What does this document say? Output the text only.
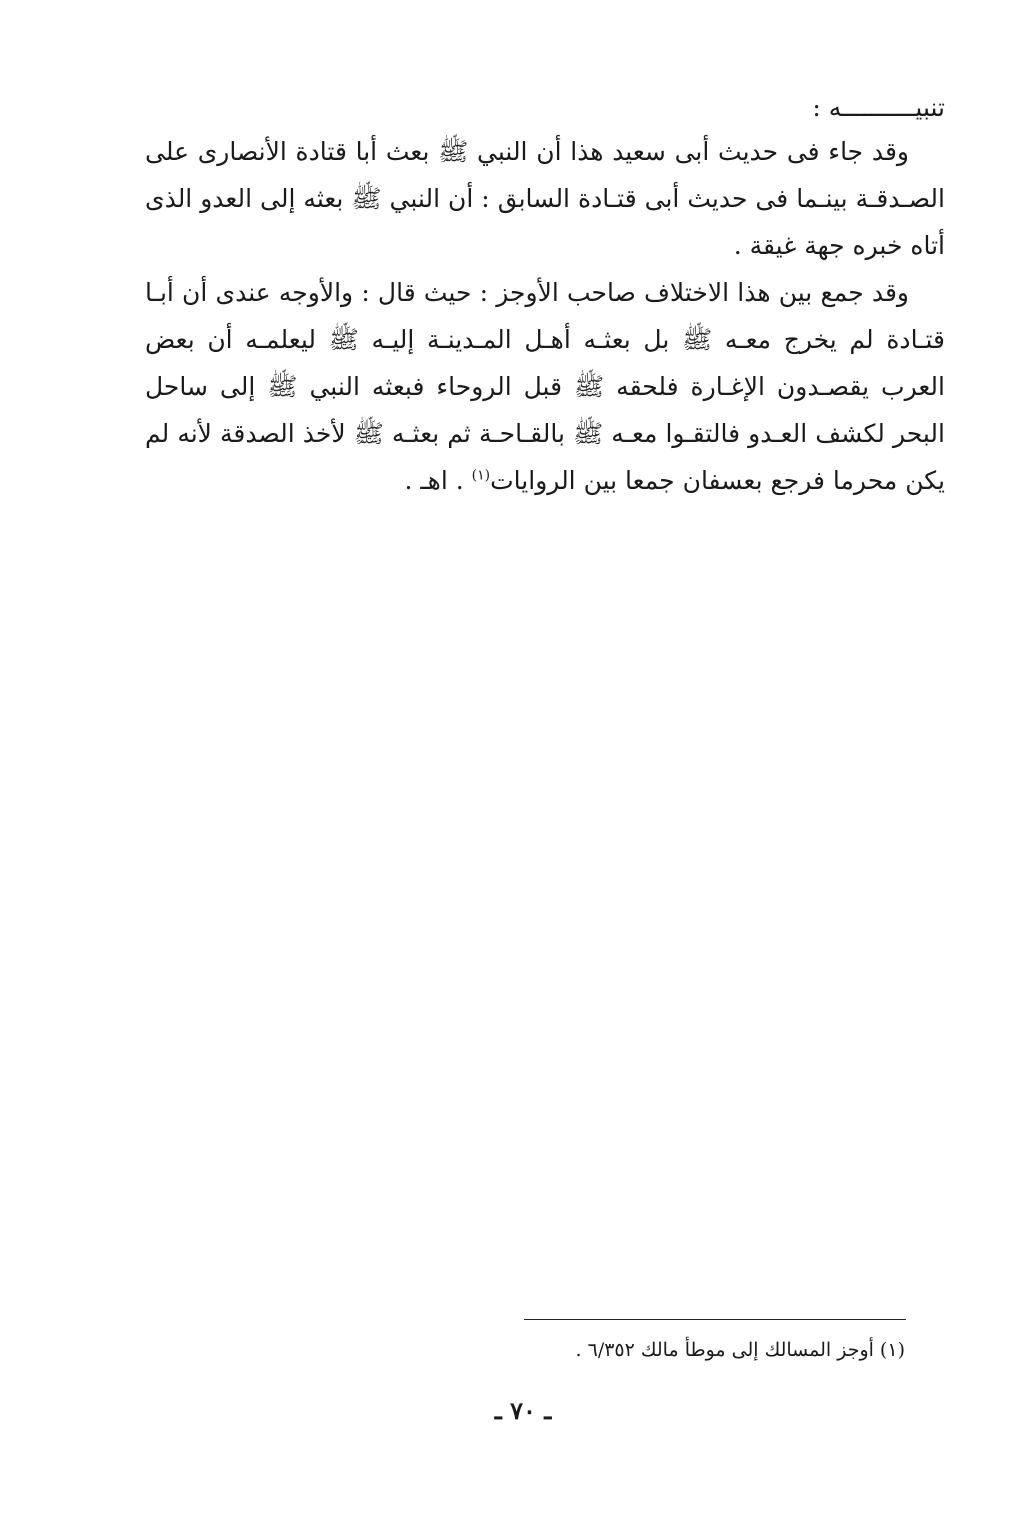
تنبيــــــــــه :

وقد جاء فى حديث أبى سعيد هذا أن النبي ﷺ بعث أبا قتادة الأنصارى على الصـدقـة بينـما فى حديث أبى قتـادة السابق : أن النبي ﷺ بعثه إلى العدو الذى أتاه خبره جهة غيقة .

وقد جمع بين هذا الاختلاف صاحب الأوجز : حيث قال : والأوجه عندى أن أبـا قتـادة لم يخرج معـه ﷺ بل بعثـه أهـل المـدينـة إليـه ﷺ ليعلمـه أن بعض العرب يقصـدون الإغـارة فلحقه ﷺ قبل الروحاء فبعثه النبي ﷺ إلى ساحل البحر لكشف العـدو فالتقـوا معـه ﷺ بالقـاحـة ثم بعثـه ﷺ لأخذ الصدقة لأنه لم يكن محرما فرجع بعسفان جمعا بين الروايات$^{(١)}$ . اهـ .

(١) أوجز المسالك إلى موطأ مالك ٦/٣٥٢ .
ـ ٧٠ ـ
